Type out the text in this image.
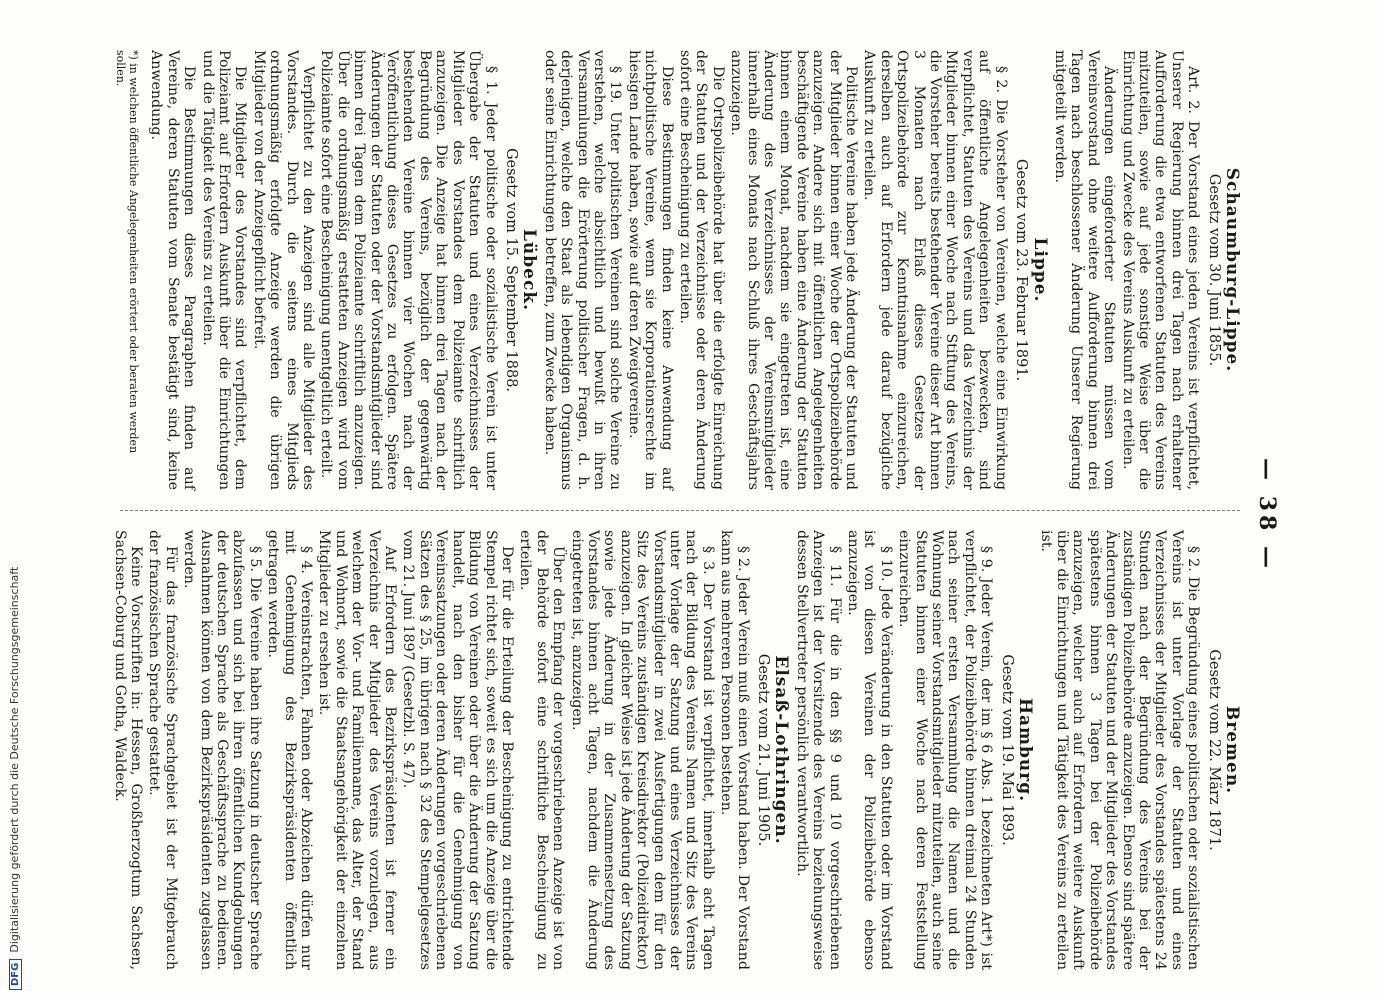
— 38 —
Schaumburg-Lippe.
Gesetz vom 30. Juni 1855.

Art. 2. Der Vorstand eines jeden Vereins ist verpflichtet, Unserer Regierung binnen drei Tagen nach erhaltener Aufforderung die etwa entworfenen Statuten des Vereins mitzuteilen, sowie auf jede sonstige Weise über die Einrichtung und Zwecke des Vereins Auskunft zu erteilen.

Änderungen eingeforderter Statuten müssen vom Vereinsvorstand ohne weitere Aufforderung binnen drei Tagen nach beschlossener Änderung Unserer Regierung mitgeteilt werden.

Lippe.
Gesetz vom 23. Februar 1891.

§ 2. Die Vorsteher von Vereinen, welche eine Einwirkung auf öffentliche Angelegenheiten bezwecken, sind verpflichtet, Statuten des Vereins und das Verzeichnis der Mitglieder binnen einer Woche nach Stiftung des Vereins, die Vorsteher bereits bestehender Vereine dieser Art binnen 3 Monaten nach Erlaß dieses Gesetzes der Ortspolizeibehörde zur Kenntnisnahme einzureichen, derselben auch auf Erfordern jede darauf bezügliche Auskunft zu erteilen.

Politische Vereine haben jede Änderung der Statuten und der Mitglieder binnen einer Woche der Ortspolizeibehörde anzuzeigen. Andere sich mit öffentlichen Angelegenheiten beschäftigende Vereine haben eine Änderung der Statuten binnen einem Monat, nachdem sie eingetreten ist, eine Änderung des Verzeichnisses der Vereinsmitglieder innerhalb eines Monats nach Schluß ihres Geschäftsjahrs anzuzeigen.

Die Ortspolizeibehörde hat über die erfolgte Einreichung der Statuten und der Verzeichnisse oder deren Änderung sofort eine Bescheinigung zu erteilen.

Diese Bestimmungen finden keine Anwendung auf nichtpolitische Vereine, wenn sie Korporationsrechte im hiesigen Lande haben, sowie auf deren Zweigvereine.

§ 19. Unter politischen Vereinen sind solche Vereine zu verstehen, welche absichtlich und bewußt in ihren Versammlungen die Erörterung politischer Fragen, d. h. derjenigen, welche den Staat als lebendigen Organismus oder seine Einrichtungen betreffen, zum Zwecke haben.

Lübeck.
Gesetz vom 15. September 1888.

§ 1. Jeder politische oder sozialistische Verein ist unter Übergabe der Statuten und eines Verzeichnisses der Mitglieder des Vorstandes dem Polizeiamte schriftlich anzuzeigen. Die Anzeige hat binnen drei Tagen nach der Begründung des Vereins, bezüglich der gegenwärtig bestehenden Vereine binnen vier Wochen nach der Veröffentlichung dieses Gesetzes zu erfolgen. Spätere Änderungen der Statuten oder der Vorstandsmitglieder sind binnen drei Tagen dem Polizeiamte schriftlich anzuzeigen. Über die ordnungsmäßig erstatteten Anzeigen wird vom Polizeiamte sofort eine Bescheinigung unentgeltlich erteilt.

Verpflichtet zu den Anzeigen sind alle Mitglieder des Vorstandes. Durch die seitens eines Mitglieds ordnungsmäßig erfolgte Anzeige werden die übrigen Mitglieder von der Anzeigepflicht befreit.

Die Mitglieder des Vorstandes sind verpflichtet, dem Polizeiamt auf Erfordern Auskunft über die Einrichtungen und die Tätigkeit des Vereins zu erteilen.

Die Bestimmungen dieses Paragraphen finden auf Vereine, deren Statuten vom Senate bestätigt sind, keine Anwendung.

Bremen.
Gesetz vom 22. März 1871.

§ 2. Die Begründung eines politischen oder sozialistischen Vereins ist unter Vorlage der Statuten und eines Verzeichnisses der Mitglieder des Vorstandes spätestens 24 Stunden nach der Begründung des Vereins bei der zuständigen Polizeibehörde anzuzeigen. Ebenso sind spätere Änderungen der Statuten und der Mitglieder des Vorstandes spätestens binnen 3 Tagen bei der Polizeibehörde anzuzeigen, welcher auch auf Erfordern weitere Auskunft über die Einrichtungen und Tätigkeit des Vereins zu erteilen ist.

Hamburg.
Gesetz vom 19. Mai 1893.

§ 9. Jeder Verein, der im § 6 Abs. 1 bezeichneten Art*) ist verpflichtet, der Polizeibehörde binnen dreimal 24 Stunden nach seiner ersten Versammlung die Namen und die Wohnung seiner Vorstandsmitglieder mitzuteilen, auch seine Statuten binnen einer Woche nach deren Feststellung einzureichen.

§ 10. Jede Veränderung in den Statuten oder im Vorstand ist von diesen Vereinen der Polizeibehörde ebenso anzuzeigen.

§ 11. Für die in den §§ 9 und 10 vorgeschriebenen Anzeigen ist der Vorsitzende des Vereins beziehungsweise dessen Stellvertreter persönlich verantwortlich.

Elsaß-Lothringen.
Gesetz vom 21. Juni 1905.

§ 2. Jeder Verein muß einen Vorstand haben. Der Vorstand kann aus mehreren Personen bestehen.

§ 3. Der Vorstand ist verpflichtet, innerhalb acht Tagen nach der Bildung des Vereins Namen und Sitz des Vereins unter Vorlage der Satzung und eines Verzeichnisses der Vorstandsmitglieder in zwei Ausfertigungen dem für den Sitz des Vereins zuständigen Kreisdirektor (Polizeidirektor) anzuzeigen. In gleicher Weise ist jede Änderung der Satzung sowie jede Änderung in der Zusammensetzung des Vorstandes binnen acht Tagen, nachdem die Änderung eingetreten ist, anzuzeigen.

Über den Empfang der vorgeschriebenen Anzeige ist von der Behörde sofort eine schriftliche Bescheinigung zu erteilen.

Der für die Erteilung der Bescheinigung zu entrichtende Stempel richtet sich, soweit es sich um die Anzeige über die Bildung von Vereinen oder über die Änderung der Satzung handelt, nach den bisher für die Genehmigung von Vereinssatzungen oder deren Änderungen vorgeschriebenen Sätzen des § 25, im übrigen nach § 32 des Stempelgesetzes vom 21. Juni 1897 (Gesetzbl. S. 47).

Auf Erfordern des Bezirkspräsidenten ist ferner ein Verzeichnis der Mitglieder des Vereins vorzulegen, aus welchem der Vor- und Familienname, das Alter, der Stand und Wohnort, sowie die Staatsangehörigkeit der einzelnen Mitglieder zu ersehen ist.

§ 4. Vereinstrachten, Fahnen oder Abzeichen dürfen nur mit Genehmigung des Bezirkspräsidenten öffentlich getragen werden.

§ 5. Die Vereine haben ihre Satzung in deutscher Sprache abzufassen und sich bei ihren öffentlichen Kundgebungen der deutschen Sprache als Geschäftssprache zu bedienen. Ausnahmen können von dem Bezirkspräsidenten zugelassen werden.

Für das französische Sprachgebiet ist der Mitgebrauch der französischen Sprache gestattet.

Keine Vorschriften in: Hessen, Großherzogtum Sachsen, Sachsen-Coburg und Gotha, Waldeck.

*) in welchen öffentliche Angelegenheiten erörtert oder beraten werden sollen.
DFGDigitalisierung gefördert durch die Deutsche Forschungsgemeinschaft
